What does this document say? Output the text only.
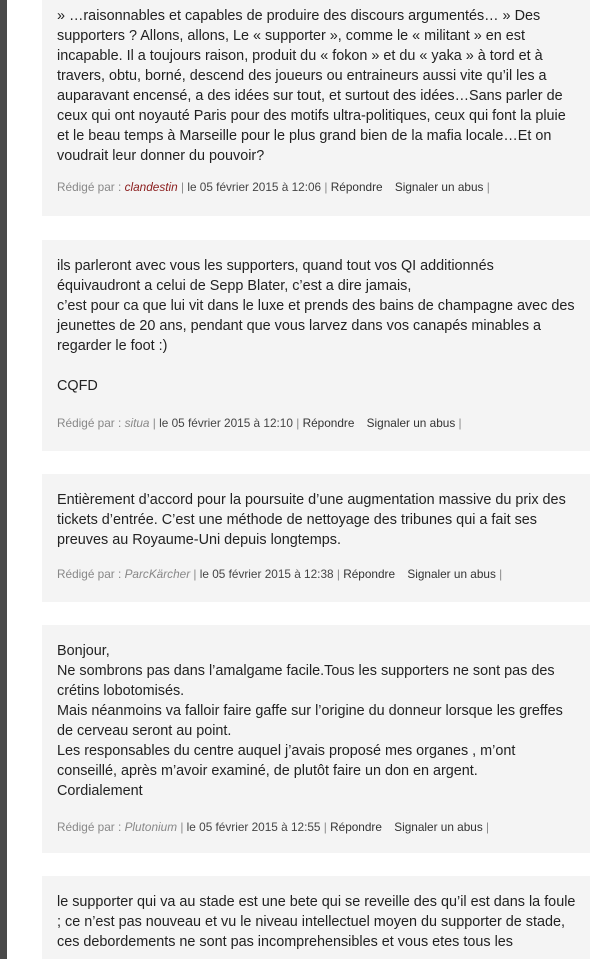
» …raisonnables et capables de produire des discours argumentés… » Des supporters ? Allons, allons, Le « supporter », comme le « militant » en est incapable. Il a toujours raison, produit du « fokon » et du « yaka » à tord et à travers, obtu, borné, descend des joueurs ou entraineurs aussi vite qu’il les a auparavant encensé, a des idées sur tout, et surtout des idées…Sans parler de ceux qui ont noyauté Paris pour des motifs ultra-politiques, ceux qui font la pluie et le beau temps à Marseille pour le plus grand bien de la mafia locale…Et on voudrait leur donner du pouvoir?
Rédigé par : clandestin | le 05 février 2015 à 12:06 | Répondre Signaler un abus |
ils parleront avec vous les supporters, quand tout vos QI additionnés équivaudront a celui de Sepp Blater, c’est a dire jamais,
c’est pour ca que lui vit dans le luxe et prends des bains de champagne avec des jeunettes de 20 ans, pendant que vous larvez dans vos canapés minables a regarder le foot :)

CQFD
Rédigé par : situa | le 05 février 2015 à 12:10 | Répondre Signaler un abus |
Entièrement d’accord pour la poursuite d’une augmentation massive du prix des tickets d’entrée. C’est une méthode de nettoyage des tribunes qui a fait ses preuves au Royaume-Uni depuis longtemps.
Rédigé par : ParcKärcher | le 05 février 2015 à 12:38 | Répondre Signaler un abus |
Bonjour,
Ne sombrons pas dans l’amalgame facile.Tous les supporters ne sont pas des crétins lobotomisés.
Mais néanmoins va falloir faire gaffe sur l’origine du donneur lorsque les greffes de cerveau seront au point.
Les responsables du centre auquel j’avais proposé mes organes , m’ont conseillé, après m’avoir examiné, de plutôt faire un don en argent.
Cordialement
Rédigé par : Plutonium | le 05 février 2015 à 12:55 | Répondre Signaler un abus |
le supporter qui va au stade est une bete qui se reveille des qu’il est dans la foule ; ce n’est pas nouveau et vu le niveau intellectuel moyen du supporter de stade, ces debordements ne sont pas incomprehensibles et vous etes tous les
